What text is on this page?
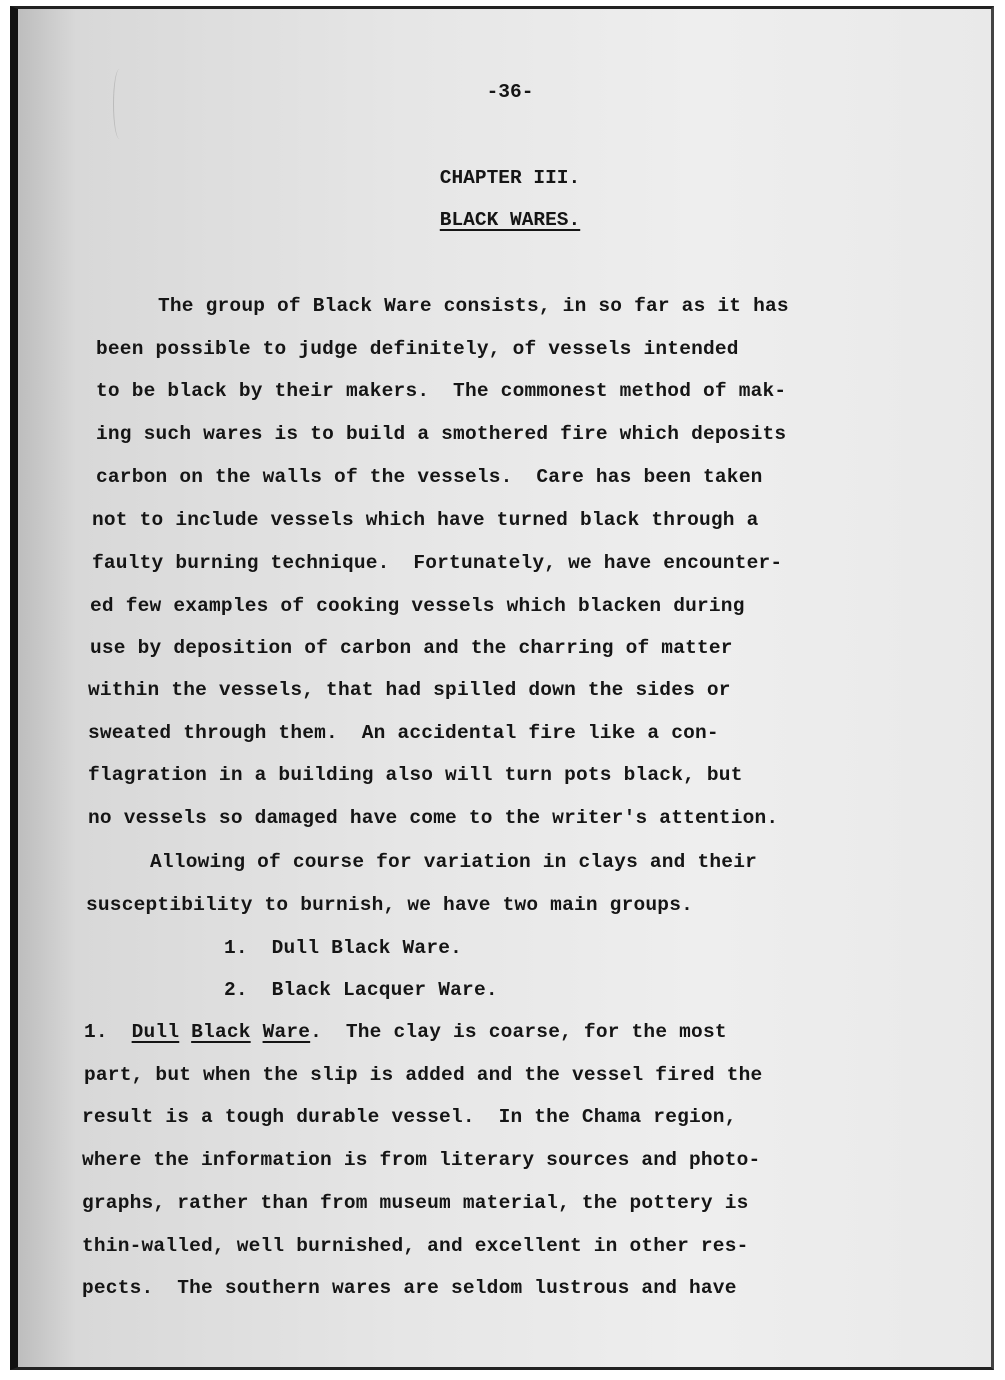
-36-
CHAPTER III.
BLACK WARES.
The group of Black Ware consists, in so far as it has
been possible to judge definitely, of vessels intended
to be black by their makers.  The commonest method of mak-
ing such wares is to build a smothered fire which deposits
carbon on the walls of the vessels.  Care has been taken
not to include vessels which have turned black through a
faulty burning technique.  Fortunately, we have encounter-
ed few examples of cooking vessels which blacken during
use by deposition of carbon and the charring of matter
within the vessels, that had spilled down the sides or
sweated through them.  An accidental fire like a con-
flagration in a building also will turn pots black, but
no vessels so damaged have come to the writer's attention.
Allowing of course for variation in clays and their
susceptibility to burnish, we have two main groups.
1.  Dull Black Ware.
2.  Black Lacquer Ware.
1. Dull Black Ware.  The clay is coarse, for the most
part, but when the slip is added and the vessel fired the
result is a tough durable vessel.  In the Chama region,
where the information is from literary sources and photo-
graphs, rather than from museum material, the pottery is
thin-walled, well burnished, and excellent in other res-
pects.  The southern wares are seldom lustrous and have
